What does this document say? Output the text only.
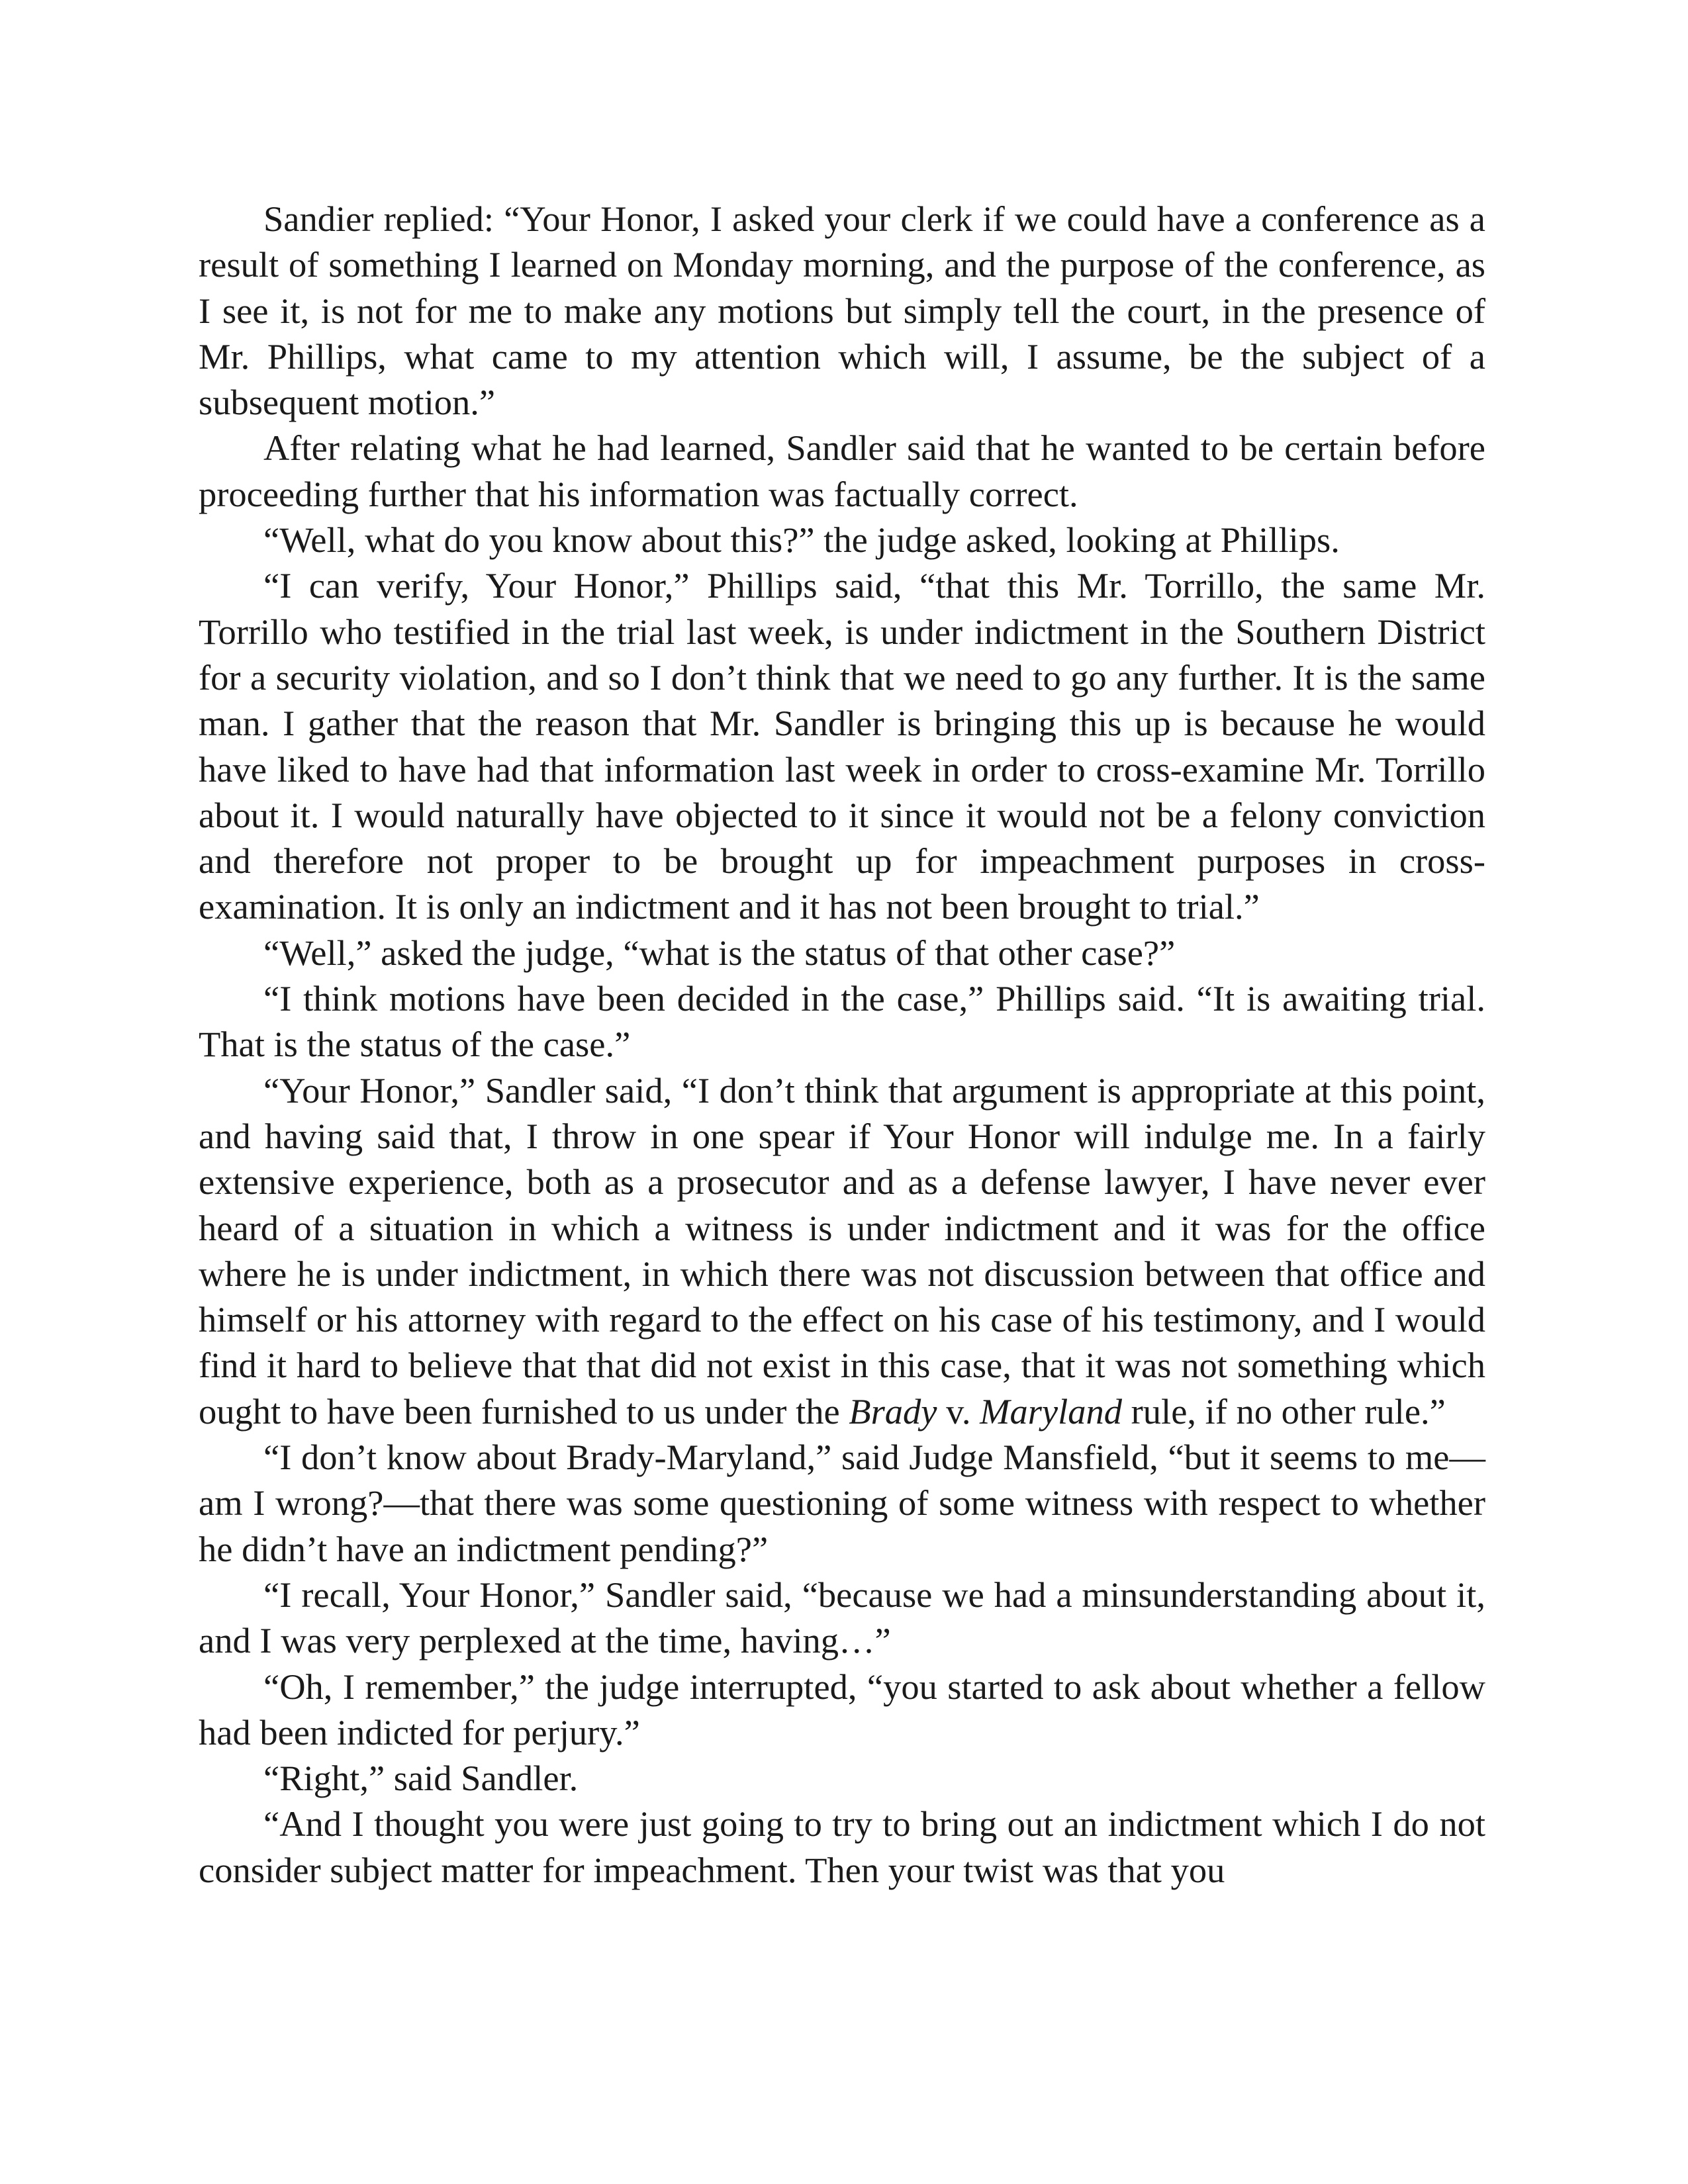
Sandier replied: “Your Honor, I asked your clerk if we could have a conference as a result of something I learned on Monday morning, and the purpose of the conference, as I see it, is not for me to make any motions but simply tell the court, in the presence of Mr. Phillips, what came to my attention which will, I assume, be the subject of a subsequent motion.”

After relating what he had learned, Sandler said that he wanted to be certain before proceeding further that his information was factually correct.

“Well, what do you know about this?” the judge asked, looking at Phillips.

“I can verify, Your Honor,” Phillips said, “that this Mr. Torrillo, the same Mr. Torrillo who testified in the trial last week, is under indictment in the Southern District for a security violation, and so I don’t think that we need to go any further. It is the same man. I gather that the reason that Mr. Sandler is bringing this up is because he would have liked to have had that information last week in order to cross-examine Mr. Torrillo about it. I would naturally have objected to it since it would not be a felony conviction and therefore not proper to be brought up for impeachment purposes in cross-examination. It is only an indictment and it has not been brought to trial.”

“Well,” asked the judge, “what is the status of that other case?”

“I think motions have been decided in the case,” Phillips said. “It is awaiting trial. That is the status of the case.”

“Your Honor,” Sandler said, “I don’t think that argument is appropriate at this point, and having said that, I throw in one spear if Your Honor will indulge me. In a fairly extensive experience, both as a prosecutor and as a defense lawyer, I have never ever heard of a situation in which a witness is under indictment and it was for the office where he is under indictment, in which there was not discussion between that office and himself or his attorney with regard to the effect on his case of his testimony, and I would find it hard to believe that that did not exist in this case, that it was not something which ought to have been furnished to us under the Brady v. Maryland rule, if no other rule.”

“I don’t know about Brady-Maryland,” said Judge Mansfield, “but it seems to me—am I wrong?—that there was some questioning of some witness with respect to whether he didn’t have an indictment pending?”

“I recall, Your Honor,” Sandler said, “because we had a minsunderstanding about it, and I was very perplexed at the time, having…”

“Oh, I remember,” the judge interrupted, “you started to ask about whether a fellow had been indicted for perjury.”

“Right,” said Sandler.

“And I thought you were just going to try to bring out an indictment which I do not consider subject matter for impeachment. Then your twist was that you
